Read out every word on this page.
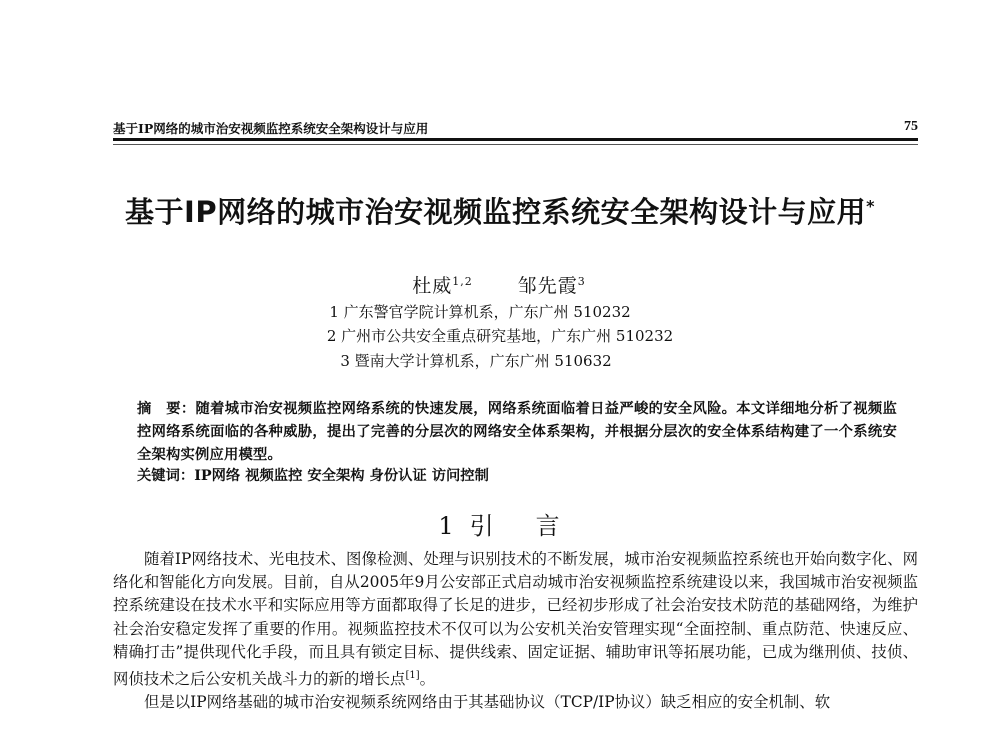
基于IP网络的城市治安视频监控系统安全架构设计与应用	75
基于IP网络的城市治安视频监控系统安全架构设计与应用*
杜威$^{1,2}$ 邹先霞$^3$
1 广东警官学院计算机系，广东广州 510232
2 广州市公共安全重点研究基地，广东广州 510232
3 暨南大学计算机系，广东广州 510632
摘　要：随着城市治安视频监控网络系统的快速发展，网络系统面临着日益严峻的安全风险。本文详细地分析了视频监控网络系统面临的各种威胁，提出了完善的分层次的网络安全体系架构，并根据分层次的安全体系结构建了一个系统安全架构实例应用模型。
关键词：IP网络 视频监控 安全架构 身份认证 访问控制
1 引 言

随着IP网络技术、光电技术、图像检测、处理与识别技术的不断发展，城市治安视频监控系统也开始向数字化、网络化和智能化方向发展。目前，自从2005年9月公安部正式启动城市治安视频监控系统建设以来，我国城市治安视频监控系统建设在技术水平和实际应用等方面都取得了长足的进步，已经初步形成了社会治安技术防范的基础网络，为维护社会治安稳定发挥了重要的作用。视频监控技术不仅可以为公安机关治安管理实现“全面控制、重点防范、快速反应、精确打击”提供现代化手段，而且具有锁定目标、提供线索、固定证据、辅助审讯等拓展功能，已成为继刑侦、技侦、网侦技术之后公安机关战斗力的新的增长点[1]。

但是以IP网络基础的城市治安视频系统网络由于其基础协议（TCP/IP协议）缺乏相应的安全机制、软
